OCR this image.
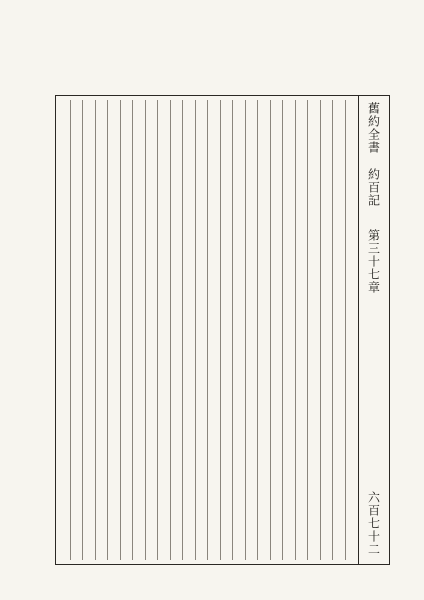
舊約全書
約百記
第三十七章
六百七十二
